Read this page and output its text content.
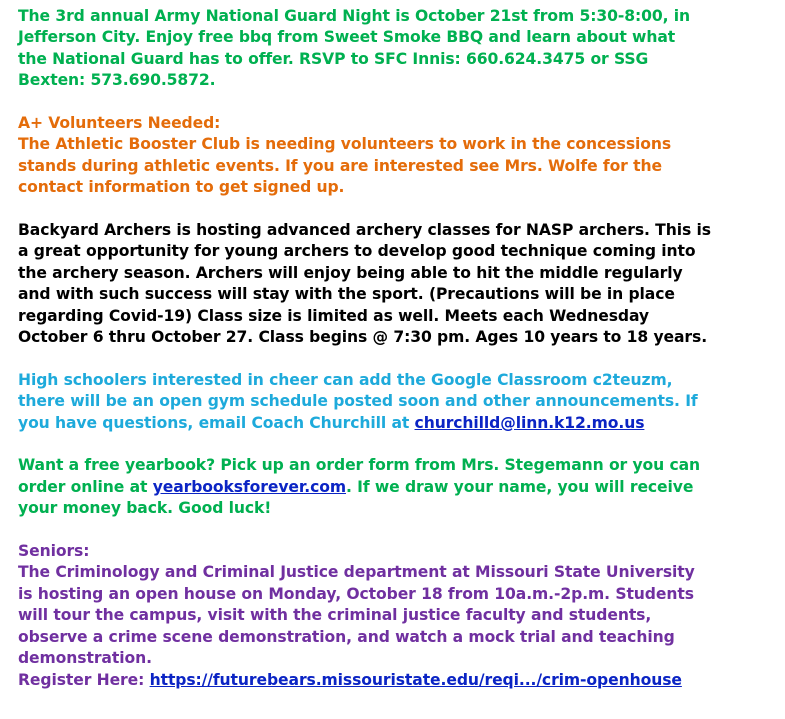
The 3rd annual Army National Guard Night is October 21st from 5:30-8:00, in
Jefferson City. Enjoy free bbq from Sweet Smoke BBQ and learn about what
the National Guard has to offer. RSVP to SFC Innis: 660.624.3475 or SSG
Bexten: 573.690.5872.

A+ Volunteers Needed:
The Athletic Booster Club is needing volunteers to work in the concessions
stands during athletic events. If you are interested see Mrs. Wolfe for the
contact information to get signed up.

Backyard Archers is hosting advanced archery classes for NASP archers. This is
a great opportunity for young archers to develop good technique coming into
the archery season. Archers will enjoy being able to hit the middle regularly
and with such success will stay with the sport. (Precautions will be in place
regarding Covid-19) Class size is limited as well. Meets each Wednesday
October 6 thru October 27. Class begins @ 7:30 pm. Ages 10 years to 18 years.

High schoolers interested in cheer can add the Google Classroom c2teuzm,
there will be an open gym schedule posted soon and other announcements. If
you have questions, email Coach Churchill at churchilld@linn.k12.mo.us

Want a free yearbook? Pick up an order form from Mrs. Stegemann or you can
order online at yearbooksforever.com. If we draw your name, you will receive
your money back. Good luck!

Seniors:
The Criminology and Criminal Justice department at Missouri State University
is hosting an open house on Monday, October 18 from 10a.m.-2p.m. Students
will tour the campus, visit with the criminal justice faculty and students,
observe a crime scene demonstration, and watch a mock trial and teaching
demonstration.
Register Here: https://futurebears.missouristate.edu/reqi.../crim-openhouse
